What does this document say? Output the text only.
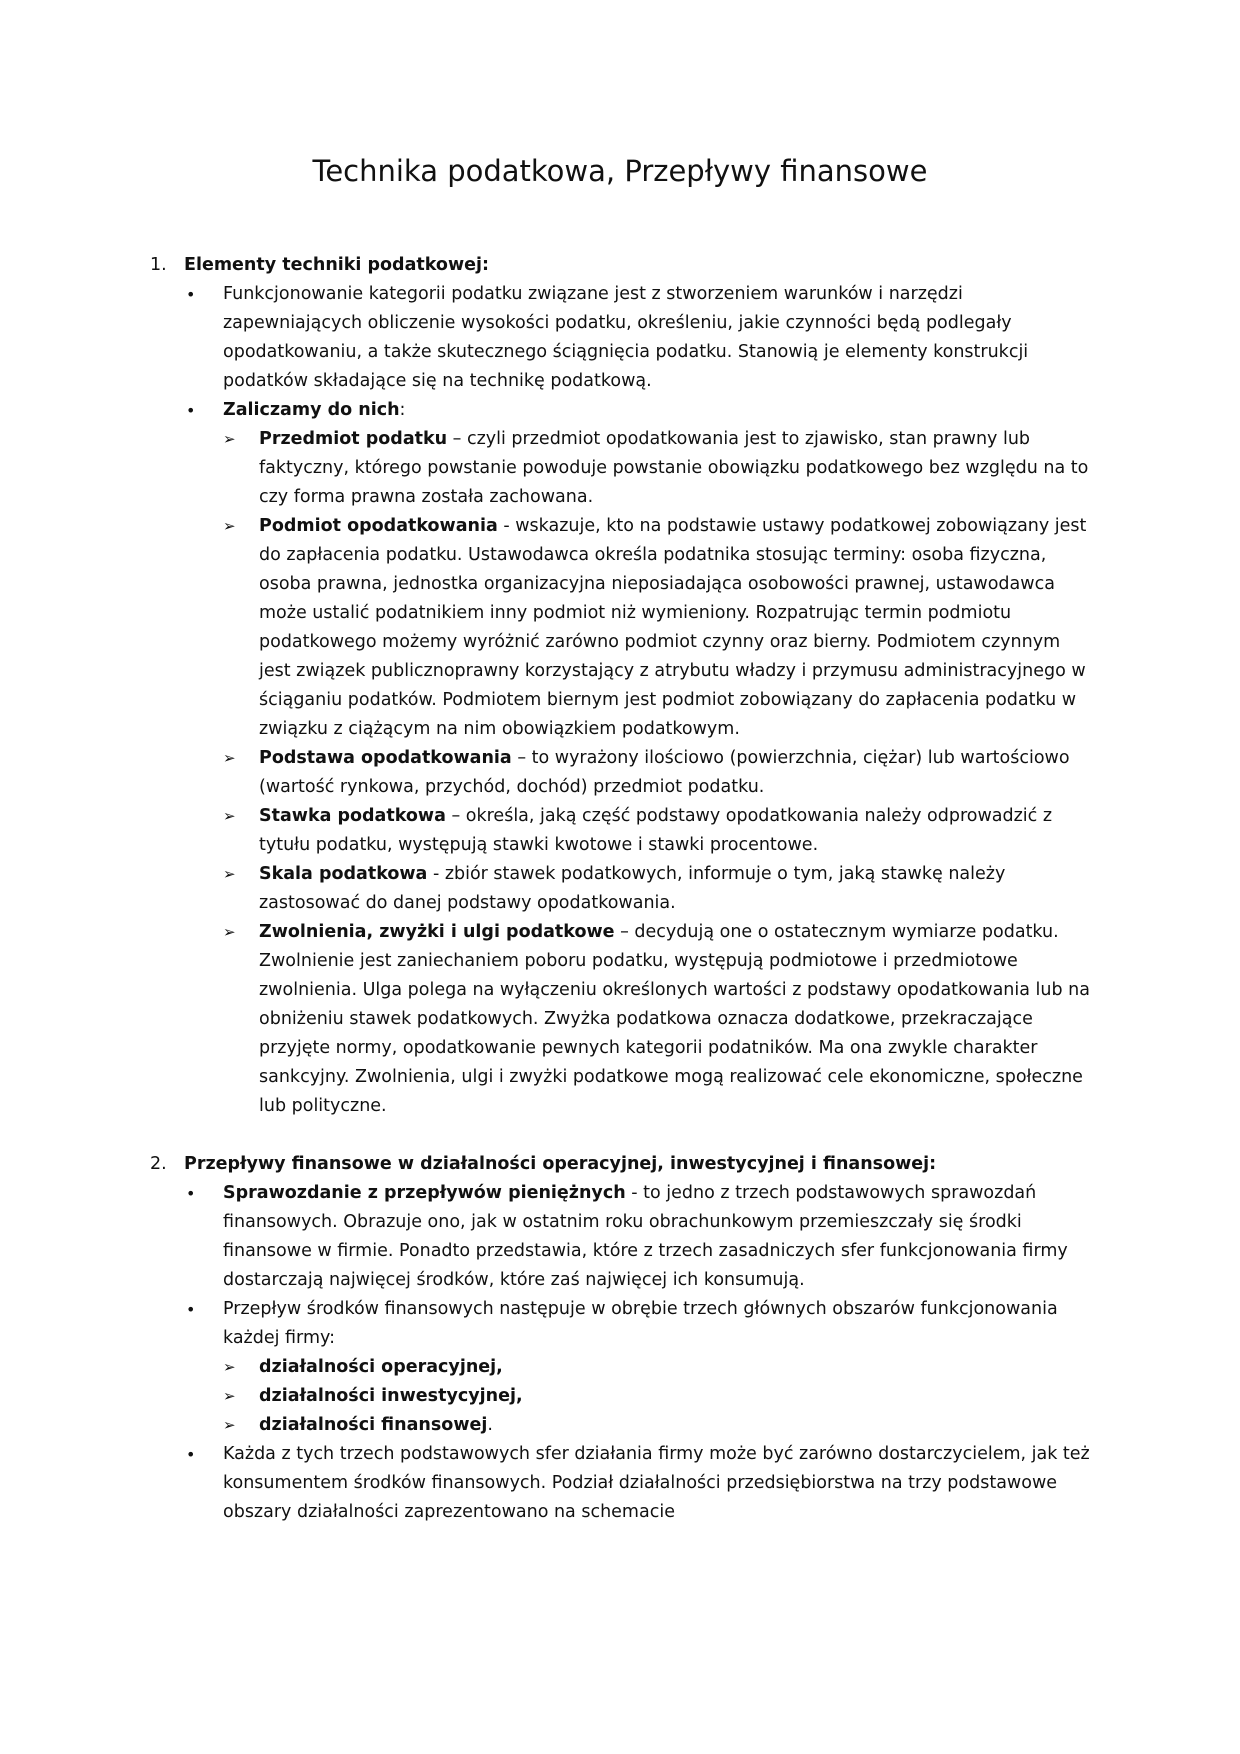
Technika podatkowa, Przepływy finansowe
1. Elementy techniki podatkowej:
• Funkcjonowanie kategorii podatku związane jest z stworzeniem warunków i narzędzi zapewniających obliczenie wysokości podatku, określeniu, jakie czynności będą podlegały opodatkowaniu, a także skutecznego ściągnięcia podatku. Stanowią je elementy konstrukcji podatków składające się na technikę podatkową.
• Zaliczamy do nich:
➢ Przedmiot podatku – czyli przedmiot opodatkowania jest to zjawisko, stan prawny lub faktyczny, którego powstanie powoduje powstanie obowiązku podatkowego bez względu na to czy forma prawna została zachowana.
➢ Podmiot opodatkowania - wskazuje, kto na podstawie ustawy podatkowej zobowiązany jest do zapłacenia podatku. Ustawodawca określa podatnika stosując terminy: osoba fizyczna, osoba prawna, jednostka organizacyjna nieposiadająca osobowości prawnej, ustawodawca może ustalić podatnikiem inny podmiot niż wymieniony. Rozpatrując termin podmiotu podatkowego możemy wyróżnić zarówno podmiot czynny oraz bierny. Podmiotem czynnym jest związek publicznoprawny korzystający z atrybutu władzy i przymusu administracyjnego w ściąganiu podatków. Podmiotem biernym jest podmiot zobowiązany do zapłacenia podatku w związku z ciążącym na nim obowiązkiem podatkowym.
➢ Podstawa opodatkowania – to wyrażony ilościowo (powierzchnia, ciężar) lub wartościowo (wartość rynkowa, przychód, dochód) przedmiot podatku.
➢ Stawka podatkowa – określa, jaką część podstawy opodatkowania należy odprowadzić z tytułu podatku, występują stawki kwotowe i stawki procentowe.
➢ Skala podatkowa - zbiór stawek podatkowych, informuje o tym, jaką stawkę należy zastosować do danej podstawy opodatkowania.
➢ Zwolnienia, zwyżki i ulgi podatkowe – decydują one o ostatecznym wymiarze podatku. Zwolnienie jest zaniechaniem poboru podatku, występują podmiotowe i przedmiotowe zwolnienia. Ulga polega na wyłączeniu określonych wartości z podstawy opodatkowania lub na obniżeniu stawek podatkowych. Zwyżka podatkowa oznacza dodatkowe, przekraczające przyjęte normy, opodatkowanie pewnych kategorii podatników. Ma ona zwykle charakter sankcyjny. Zwolnienia, ulgi i zwyżki podatkowe mogą realizować cele ekonomiczne, społeczne lub polityczne.
2. Przepływy finansowe w działalności operacyjnej, inwestycyjnej i finansowej:
• Sprawozdanie z przepływów pieniężnych - to jedno z trzech podstawowych sprawozdań finansowych. Obrazuje ono, jak w ostatnim roku obrachunkowym przemieszczały się środki finansowe w firmie. Ponadto przedstawia, które z trzech zasadniczych sfer funkcjonowania firmy dostarczają najwięcej środków, które zaś najwięcej ich konsumują.
• Przepływ środków finansowych następuje w obrębie trzech głównych obszarów funkcjonowania każdej firmy:
➢ działalności operacyjnej,
➢ działalności inwestycyjnej,
➢ działalności finansowej.
• Każda z tych trzech podstawowych sfer działania firmy może być zarówno dostarczycielem, jak też konsumentem środków finansowych. Podział działalności przedsiębiorstwa na trzy podstawowe obszary działalności zaprezentowano na schemacie
